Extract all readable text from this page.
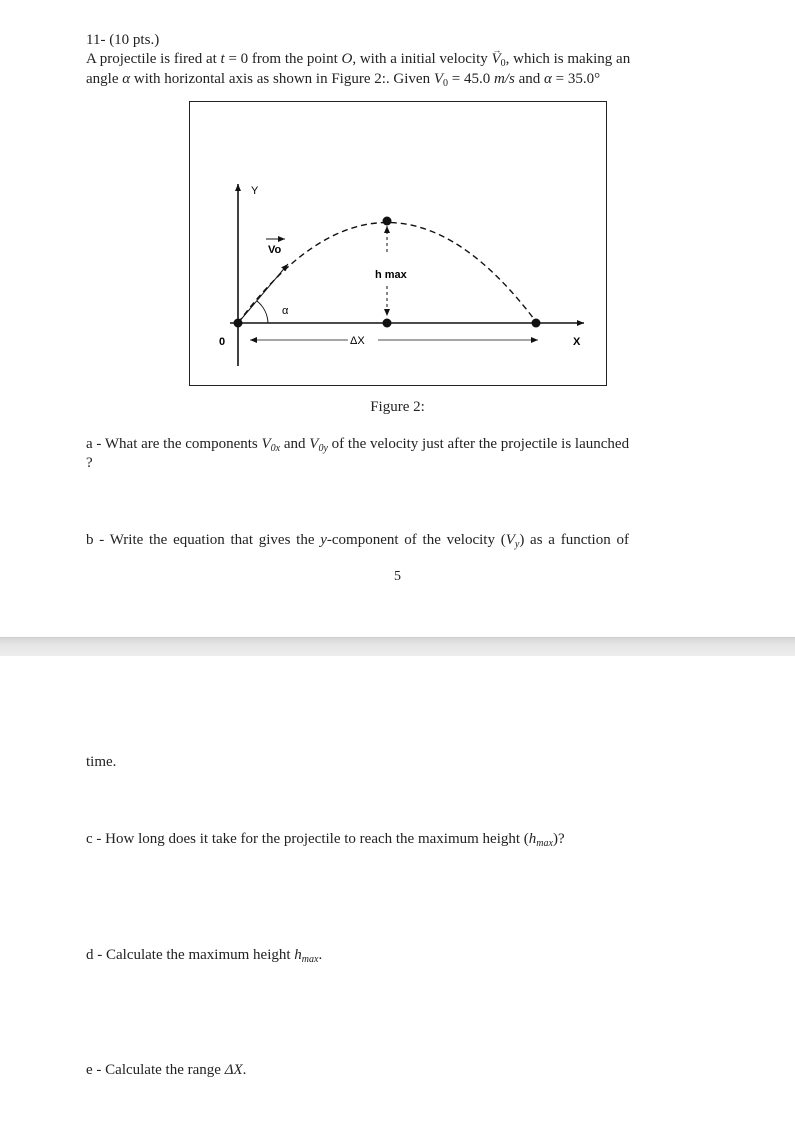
11- (10 pts.)
A projectile is fired at t = 0 from the point O, with a initial velocity → $V_0$, which is making an
angle α with horizontal axis as shown in Figure 2:. Given $V_0 = 45.0$ m/s and α = 35.0°
Y
Vo
h max
α
0	ΔX	X
Figure 2:
a - What are the components $V_{0x}$ and $V_{0y}$ of the velocity just after the projectile is launched
?
b - Write the equation that gives the y-component of the velocity $(V_y)$ as a function of
5
time.
c - How long does it take for the projectile to reach the maximum height $(h_{max})$?
d - Calculate the maximum height $h_{max}$.
e - Calculate the range ΔX.
